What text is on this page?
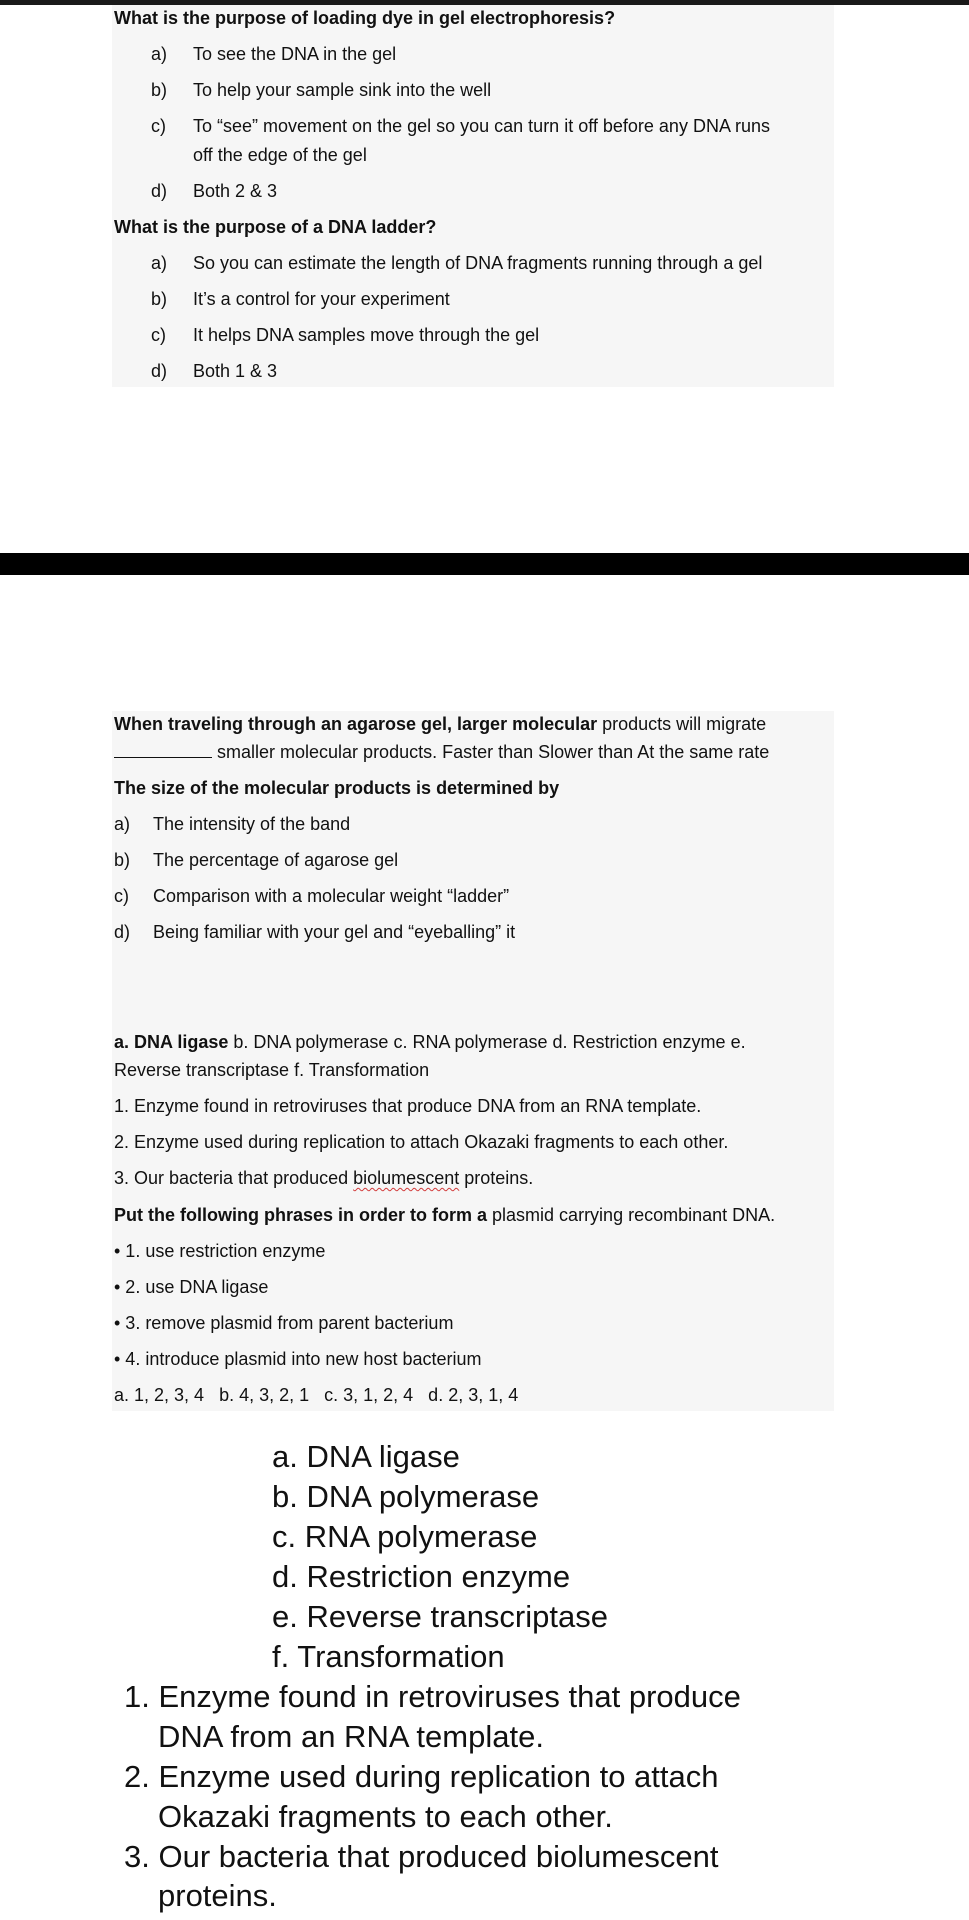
What is the purpose of loading dye in gel electrophoresis?
a)	To see the DNA in the gel
b)	To help your sample sink into the well
c)	To “see” movement on the gel so you can turn it off before any DNA runs
off the edge of the gel
d)	Both 2 & 3
What is the purpose of a DNA ladder?
a)	So you can estimate the length of DNA fragments running through a gel
b)	It’s a control for your experiment
c)	It helps DNA samples move through the gel
d)	Both 1 & 3
When traveling through an agarose gel, larger molecular products will migrate
smaller molecular products. Faster than Slower than At the same rate
The size of the molecular products is determined by
a)	The intensity of the band
b)	The percentage of agarose gel
c)	Comparison with a molecular weight “ladder”
d)	Being familiar with your gel and “eyeballing” it
a. DNA ligase b. DNA polymerase c. RNA polymerase d. Restriction enzyme e.
Reverse transcriptase f. Transformation
1. Enzyme found in retroviruses that produce DNA from an RNA template.
2. Enzyme used during replication to attach Okazaki fragments to each other.
3. Our bacteria that produced biolumescent proteins.
Put the following phrases in order to form a plasmid carrying recombinant DNA.
• 1. use restriction enzyme
• 2. use DNA ligase
• 3. remove plasmid from parent bacterium
• 4. introduce plasmid into new host bacterium
a. 1, 2, 3, 4   b. 4, 3, 2, 1   c. 3, 1, 2, 4   d. 2, 3, 1, 4
a. DNA ligase
b. DNA polymerase
c. RNA polymerase
d. Restriction enzyme
e. Reverse transcriptase
f. Transformation
1. Enzyme found in retroviruses that produce
DNA from an RNA template.
2. Enzyme used during replication to attach
Okazaki fragments to each other.
3. Our bacteria that produced biolumescent
proteins.
